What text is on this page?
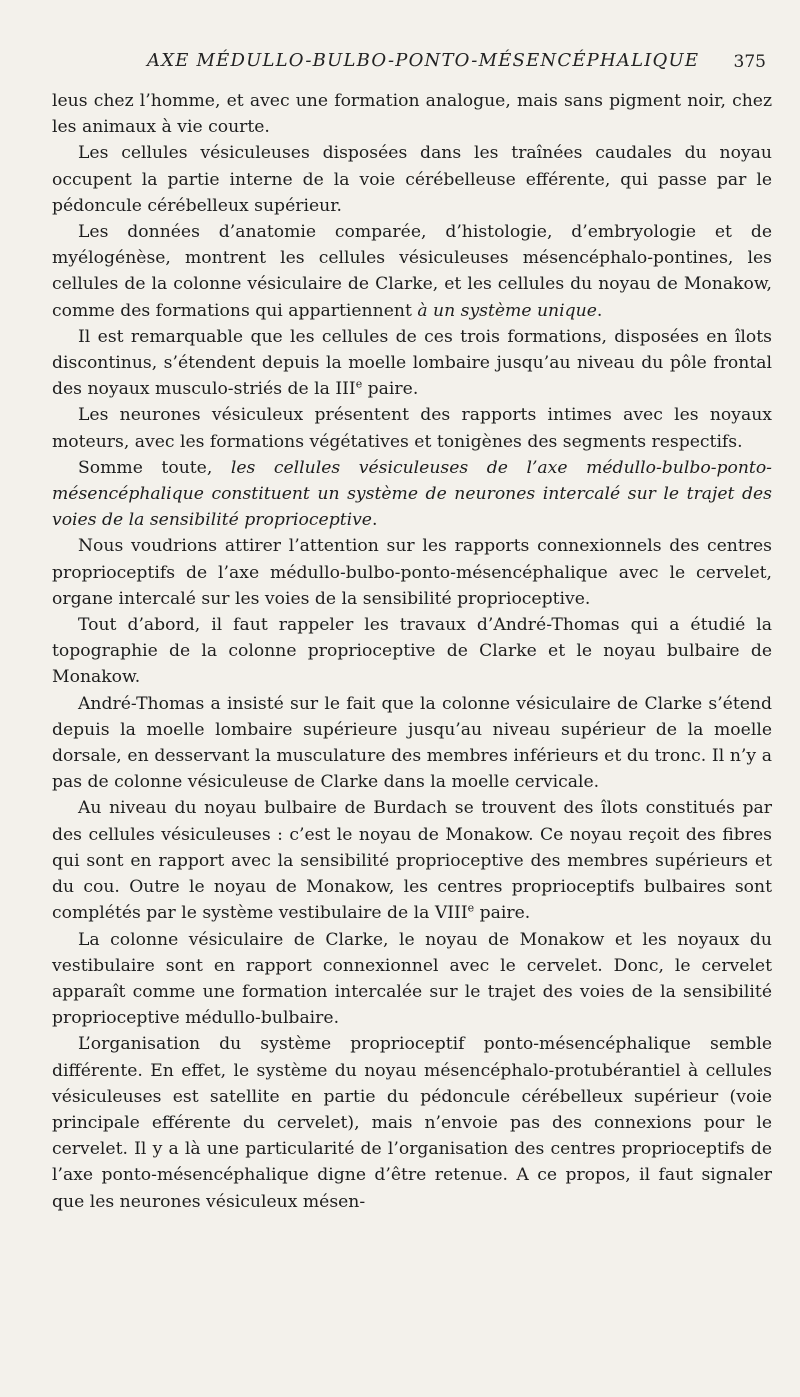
AXE MÉDULLO-BULBO-PONTO-MÉSENCÉPHALIQUE 375

leus chez l’homme, et avec une formation analogue, mais sans pigment noir, chez les animaux à vie courte.

Les cellules vésiculeuses disposées dans les traînées caudales du noyau occupent la partie interne de la voie cérébelleuse efférente, qui passe par le pédoncule cérébelleux supérieur.

Les données d’anatomie comparée, d’histologie, d’embryologie et de myélogénèse, montrent les cellules vésiculeuses mésencéphalo-pontines, les cellules de la colonne vésiculaire de Clarke, et les cellules du noyau de Monakow, comme des formations qui appartiennent à un système unique.

Il est remarquable que les cellules de ces trois formations, disposées en îlots discontinus, s’étendent depuis la moelle lombaire jusqu’au niveau du pôle frontal des noyaux musculo-striés de la IIIe paire.

Les neurones vésiculeux présentent des rapports intimes avec les noyaux moteurs, avec les formations végétatives et tonigènes des segments respectifs.

Somme toute, les cellules vésiculeuses de l’axe médullo-bulbo-ponto-mésencéphalique constituent un système de neurones intercalé sur le trajet des voies de la sensibilité proprioceptive.

Nous voudrions attirer l’attention sur les rapports connexionnels des centres proprioceptifs de l’axe médullo-bulbo-ponto-mésencéphalique avec le cervelet, organe intercalé sur les voies de la sensibilité proprioceptive.

Tout d’abord, il faut rappeler les travaux d’André-Thomas qui a étudié la topographie de la colonne proprioceptive de Clarke et le noyau bulbaire de Monakow.

André-Thomas a insisté sur le fait que la colonne vésiculaire de Clarke s’étend depuis la moelle lombaire supérieure jusqu’au niveau supérieur de la moelle dorsale, en desservant la musculature des membres inférieurs et du tronc. Il n’y a pas de colonne vésiculeuse de Clarke dans la moelle cervicale.

Au niveau du noyau bulbaire de Burdach se trouvent des îlots constitués par des cellules vésiculeuses : c’est le noyau de Monakow. Ce noyau reçoit des fibres qui sont en rapport avec la sensibilité proprioceptive des membres supérieurs et du cou. Outre le noyau de Monakow, les centres proprioceptifs bulbaires sont complétés par le système vestibulaire de la VIIIe paire.

La colonne vésiculaire de Clarke, le noyau de Monakow et les noyaux du vestibulaire sont en rapport connexionnel avec le cervelet. Donc, le cervelet apparaît comme une formation intercalée sur le trajet des voies de la sensibilité proprioceptive médullo-bulbaire.

L’organisation du système proprioceptif ponto-mésencéphalique semble différente. En effet, le système du noyau mésencéphalo-protubérantiel à cellules vésiculeuses est satellite en partie du pédoncule cérébelleux supérieur (voie principale efférente du cervelet), mais n’envoie pas des connexions pour le cervelet. Il y a là une particularité de l’organisation des centres proprioceptifs de l’axe ponto-mésencéphalique digne d’être retenue. A ce propos, il faut signaler que les neurones vésiculeux mésen-
